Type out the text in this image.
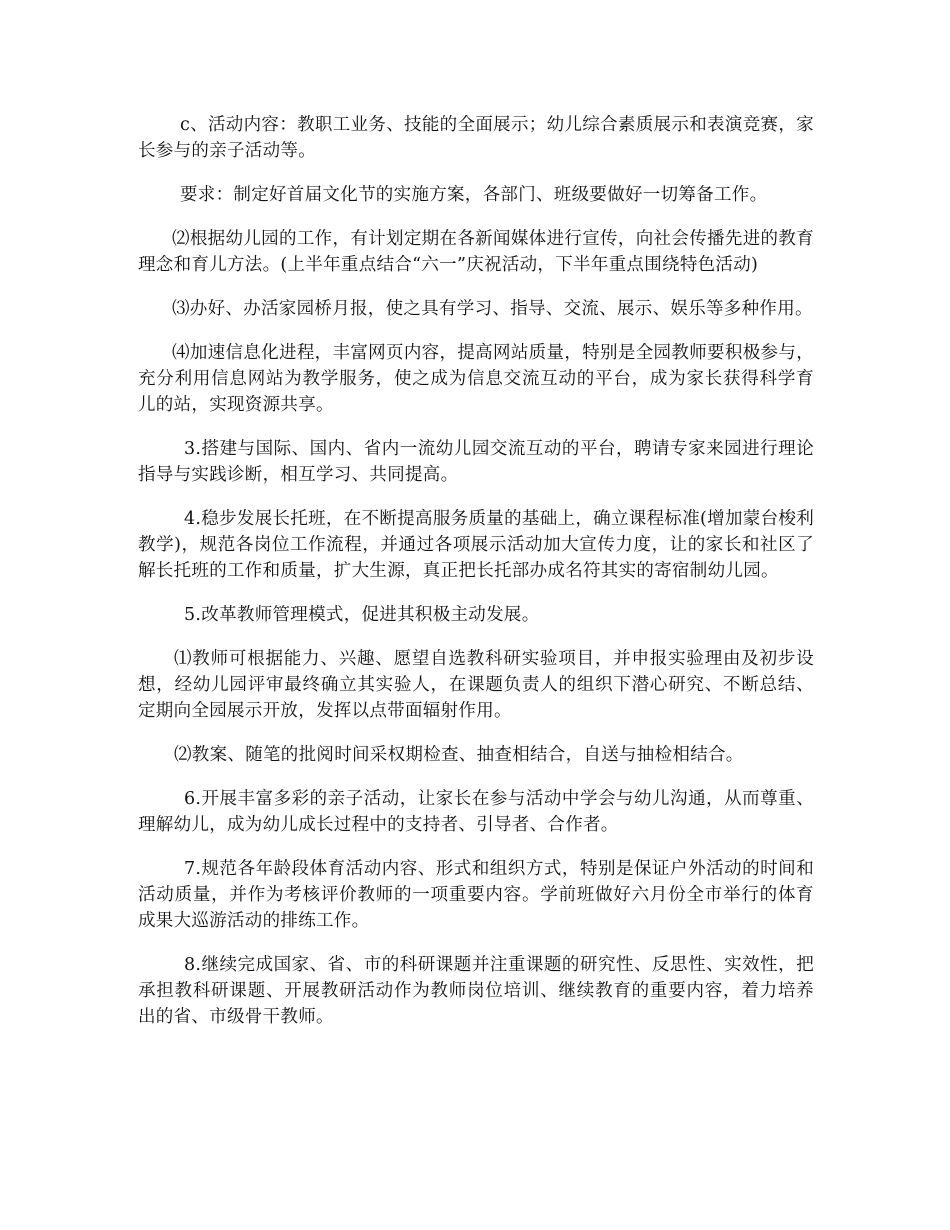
c、活动内容：教职工业务、技能的全面展示；幼儿综合素质展示和表演竞赛，家长参与的亲子活动等。

要求：制定好首届文化节的实施方案，各部门、班级要做好一切筹备工作。

⑵根据幼儿园的工作，有计划定期在各新闻媒体进行宣传，向社会传播先进的教育理念和育儿方法。(上半年重点结合“六一”庆祝活动，下半年重点围绕特色活动)

⑶办好、办活家园桥月报，使之具有学习、指导、交流、展示、娱乐等多种作用。

⑷加速信息化进程，丰富网页内容，提高网站质量，特别是全园教师要积极参与，充分利用信息网站为教学服务，使之成为信息交流互动的平台，成为家长获得科学育儿的站，实现资源共享。

3.搭建与国际、国内、省内一流幼儿园交流互动的平台，聘请专家来园进行理论指导与实践诊断，相互学习、共同提高。

4.稳步发展长托班，在不断提高服务质量的基础上，确立课程标准(增加蒙台梭利教学)，规范各岗位工作流程，并通过各项展示活动加大宣传力度，让的家长和社区了解长托班的工作和质量，扩大生源，真正把长托部办成名符其实的寄宿制幼儿园。

5.改革教师管理模式，促进其积极主动发展。

⑴教师可根据能力、兴趣、愿望自选教科研实验项目，并申报实验理由及初步设想，经幼儿园评审最终确立其实验人，在课题负责人的组织下潜心研究、不断总结、定期向全园展示开放，发挥以点带面辐射作用。

⑵教案、随笔的批阅时间采权期检查、抽查相结合，自送与抽检相结合。

6.开展丰富多彩的亲子活动，让家长在参与活动中学会与幼儿沟通，从而尊重、理解幼儿，成为幼儿成长过程中的支持者、引导者、合作者。

7.规范各年龄段体育活动内容、形式和组织方式，特别是保证户外活动的时间和活动质量，并作为考核评价教师的一项重要内容。学前班做好六月份全市举行的体育成果大巡游活动的排练工作。

8.继续完成国家、省、市的科研课题并注重课题的研究性、反思性、实效性，把承担教科研课题、开展教研活动作为教师岗位培训、继续教育的重要内容，着力培养出的省、市级骨干教师。
